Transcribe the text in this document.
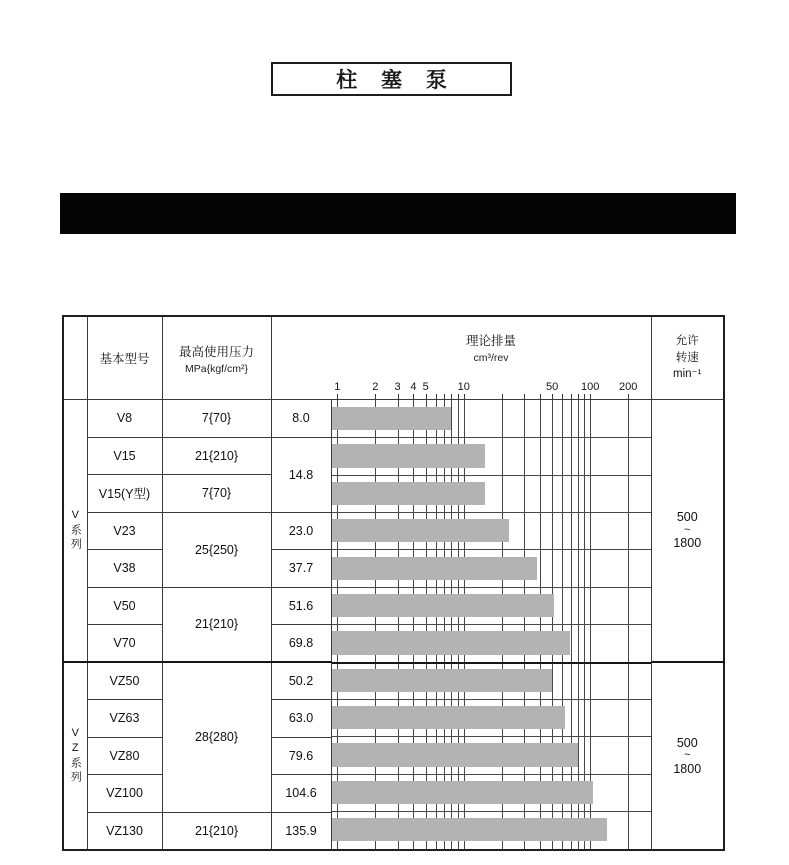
柱 塞 泵

基本型号

最高使用压力
MPa{kgf/cm²}

理论排量
cm³/rev
1	2 3 4 5	10	50 100 200

允许
转速
min⁻¹

V系列	V8	7{70}	8.0		500
~
1800

	V15	21{210}	14.8		
	V15(Y型)	7{70}			
	V23	25{250}	23.0		
	V38		37.7		
	V50	21{210}	51.6		
	V70		69.8		

VZ系列	VZ50	28{280}	50.2		500
~
1800

	VZ63		63.0		
	VZ80		79.6		
	VZ100		104.6		
	VZ130	21{210}	135.9		
